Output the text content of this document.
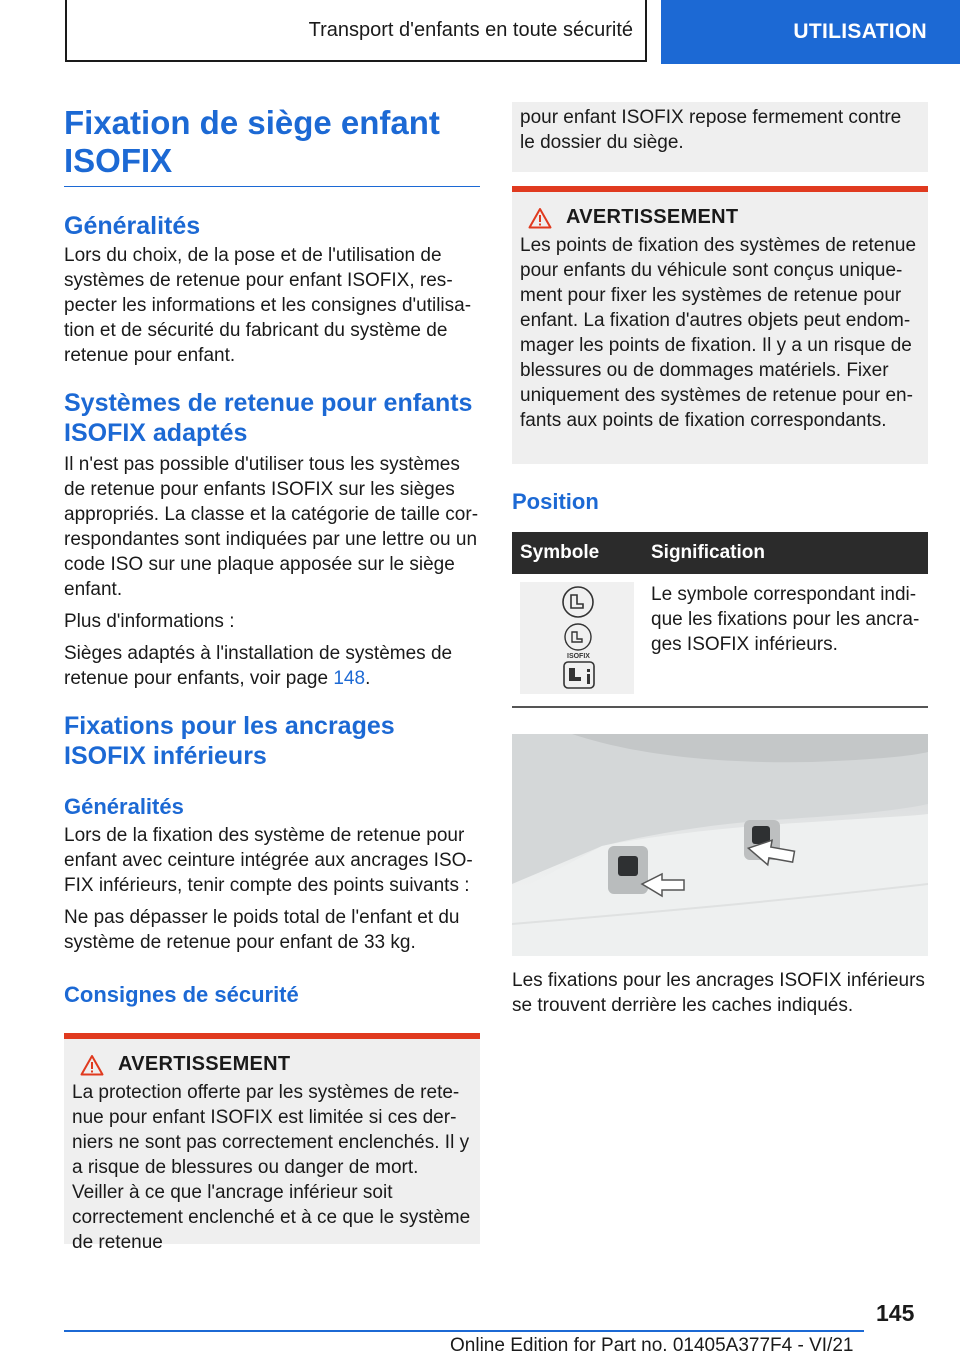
Transport d'enfants en toute sécurité	UTILISATION
Fixation de siège enfant ISOFIX
Généralités

Lors du choix, de la pose et de l'utilisation de systèmes de retenue pour enfant ISOFIX, respecter les informations et les consignes d'utilisation et de sécurité du fabricant du système de retenue pour enfant.

Systèmes de retenue pour enfants ISOFIX adaptés

Il n'est pas possible d'utiliser tous les systèmes de retenue pour enfants ISOFIX sur les sièges appropriés. La classe et la catégorie de taille correspondantes sont indiquées par une lettre ou un code ISO sur une plaque apposée sur le siège enfant.

Plus d'informations :

Sièges adaptés à l'installation de systèmes de retenue pour enfants, voir page 148.

Fixations pour les ancrages ISOFIX inférieurs
Généralités

Lors de la fixation des système de retenue pour enfant avec ceinture intégrée aux ancrages ISOFIX inférieurs, tenir compte des points suivants :

Ne pas dépasser le poids total de l'enfant et du système de retenue pour enfant de 33 kg.

Consignes de sécurité
AVERTISSEMENT

La protection offerte par les systèmes de retenue pour enfant ISOFIX est limitée si ces derniers ne sont pas correctement enclenchés. Il y a risque de blessures ou danger de mort. Veiller à ce que l'ancrage inférieur soit correctement enclenché et à ce que le système de retenue

pour enfant ISOFIX repose fermement contre le dossier du siège.

AVERTISSEMENT

Les points de fixation des systèmes de retenue pour enfants du véhicule sont conçus uniquement pour fixer les systèmes de retenue pour enfant. La fixation d'autres objets peut endommager les points de fixation. Il y a un risque de blessures ou de dommages matériels. Fixer uniquement des systèmes de retenue pour enfants aux points de fixation correspondants.

Position
Symbole	Signification

ISOFIX	Le symbole correspondant indique les fixations pour les ancrages ISOFIX inférieurs.

Les fixations pour les ancrages ISOFIX inférieurs se trouvent derrière les caches indiqués.

145
Online Edition for Part no. 01405A377F4 - VI/21
